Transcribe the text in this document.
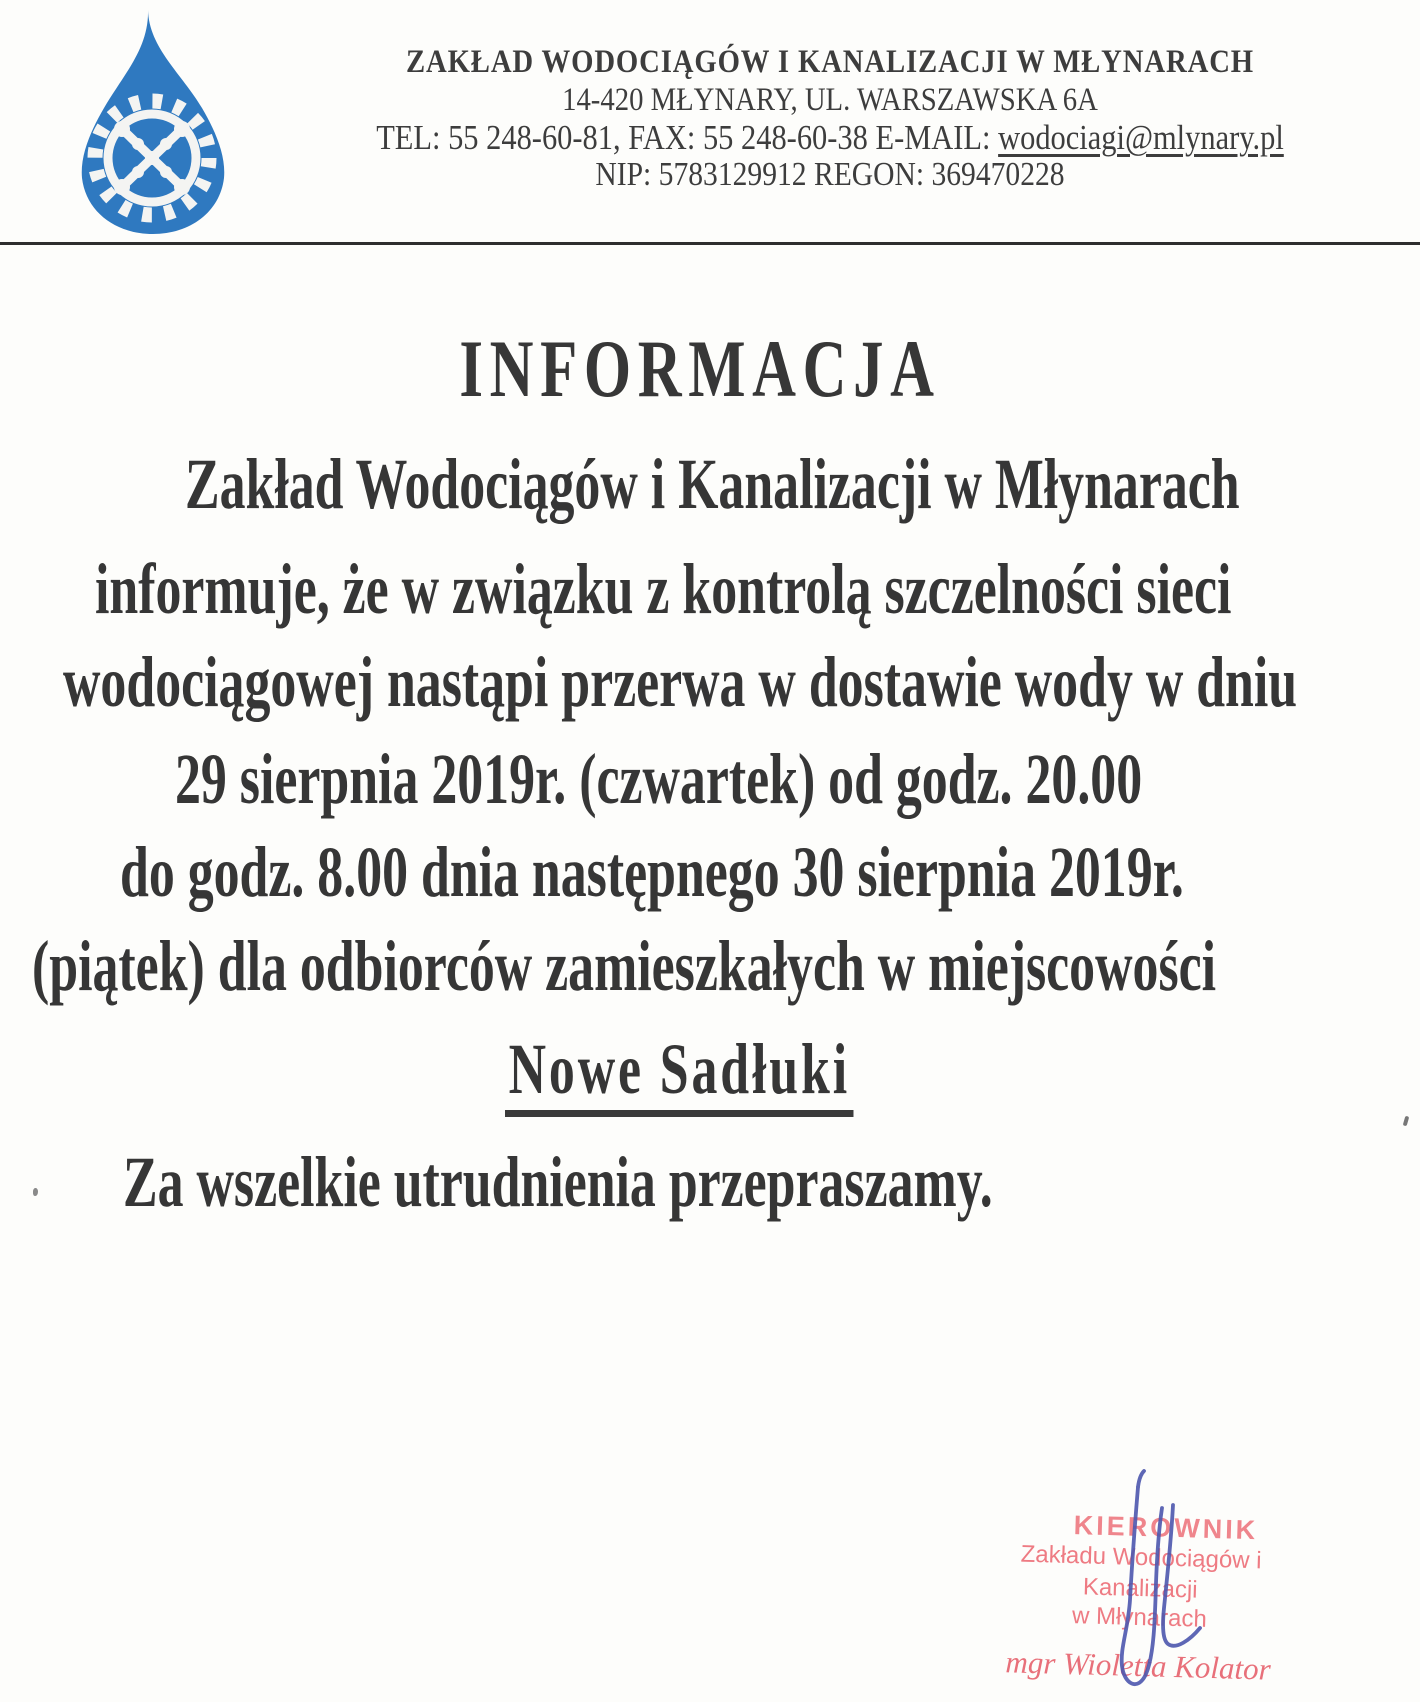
ZAKŁAD WODOCIĄGÓW I KANALIZACJI W MŁYNARACH
14-420 MŁYNARY, UL. WARSZAWSKA 6A
TEL: 55 248-60-81, FAX: 55 248-60-38 E-MAIL: wodociagi@mlynary.pl
NIP: 5783129912 REGON: 369470228
INFORMACJA
Zakład Wodociągów i Kanalizacji w Młynarach
informuje, że w związku z kontrolą szczelności sieci
wodociągowej nastąpi przerwa w dostawie wody w dniu
29 sierpnia 2019r. (czwartek) od godz. 20.00
do godz. 8.00 dnia następnego 30 sierpnia 2019r.
(piątek) dla odbiorców zamieszkałych w miejscowości
Nowe Sadłuki
Za wszelkie utrudnienia przepraszamy.
KIEROWNIK
Zakładu Wodociągów i Kanalizacji
w Młynarach
mgr Wioletta Kolator
